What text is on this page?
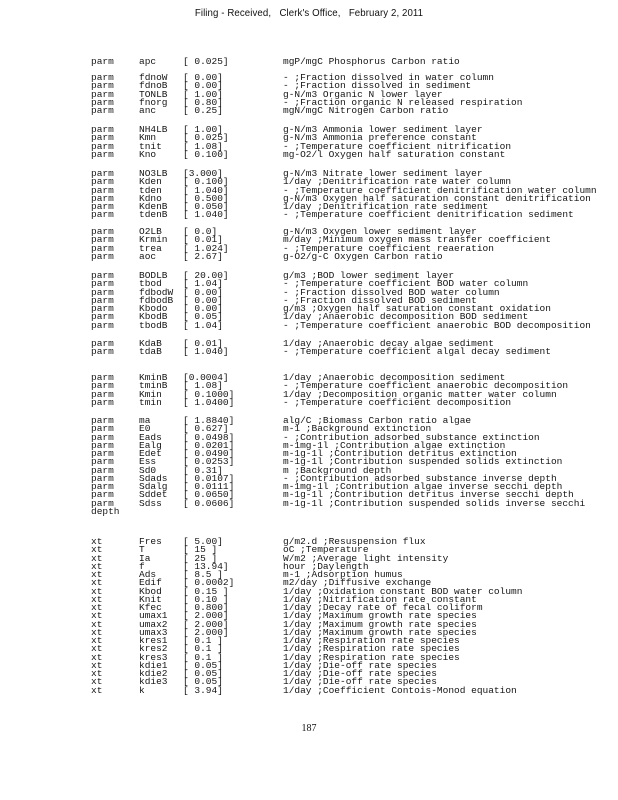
Filing - Received, Clerk's Office, February 2, 2011
parm	apc	[ 0.025]	mgP/mgC Phosphorus Carbon ratio
parm	fdnoW [ 0.00]	- ;Fraction dissolved in water column
parm	fdnoB [ 0.00]	- ;Fraction dissolved in sediment
parm	TONLB [ 1.00]	g-N/m3 Organic N lower layer
parm	fnorg [ 0.80]	- ;Fraction organic N released respiration
parm	anc	[ 0.25]	mgN/mgC Nitrogen Carbon ratio
parm	NH4LB [ 1.00]	g-N/m3 Ammonia lower sediment layer
parm	Kmn	[ 0.025]	g-N/m3 Ammonia preference constant
parm	tnit [ 1.08]	- ;Temperature coefficient nitrification
parm	Kno	[ 0.100]	mg-O2/l Oxygen half saturation constant
parm	NO3LB [3.000]	g-N/m3 Nitrate lower sediment layer
parm	Kden [ 0.100]	1/day ;Denitrification rate water column
parm	tden [ 1.040]	- ;Temperature coefficient denitrification water column
parm	Kdno [ 0.500]	g-N/m3 Oxygen half saturation constant denitrification
parm	KdenB [ 0.050]	1/day ;Denitrification rate sediment
parm	tdenB [ 1.040]	- ;Temperature coefficient denitrification sediment
parm	O2LB [ 0.0]	g-N/m3 Oxygen lower sediment layer
parm	Krmin [ 0.01]	m/day ;Minimum oxygen mass transfer coefficient
parm	trea [ 1.024]	- ;Temperature coefficient reaeration
parm	aoc	[ 2.67]	g-O2/g-C Oxygen Carbon ratio
parm	BODLB [ 20.00]	g/m3 ;BOD lower sediment layer
parm	tbod [ 1.04]	- ;Temperature coefficient BOD water column
parm	fdbodW [ 0.00]	- ;Fraction dissolved BOD water column
parm	fdbodB [ 0.00]	- ;Fraction dissolved BOD sediment
parm	Kbodo [ 0.00]	g/m3 ;Oxygen half saturation constant oxidation
parm	KbodB [ 0.05]	1/day ;Anaerobic decomposition BOD sediment
parm	tbodB [ 1.04]	- ;Temperature coefficient anaerobic BOD decomposition
parm	KdaB [ 0.01]	1/day ;Anaerobic decay algae sediment
parm	tdaB [ 1.040]	- ;Temperature coefficient algal decay sediment
parm	KminB [0.0004]	1/day ;Anaerobic decomposition sediment
parm	tminB [ 1.08]	- ;Temperature coefficient anaerobic decomposition
parm	Kmin [ 0.1000]	1/day ;Decomposition organic matter water column
parm	tmin [ 1.0400]	- ;Temperature coefficient decomposition
parm	ma	[ 1.8840]	alg/C ;Biomass Carbon ratio algae
parm	E0	[ 0.627]	m-1 ;Background extinction
parm	Eads [ 0.0498]	- ;Contribution adsorbed substance extinction
parm	Ealg [ 0.0201]	m-1mg-1l ;Contribution algae extinction
parm	Edet [ 0.0490]	m-1g-1l ;Contribution detritus extinction
parm	Ess	[ 0.0253]	m-1g-1l ;Contribution suspended solids extinction
parm	Sd0	[ 0.31]	m ;Background depth
parm	Sdads [ 0.0107]	- ;Contribution adsorbed substance inverse depth
parm	Sdalg [ 0.0111]	m-1mg-1l ;Contribution algae inverse secchi depth
parm	Sddet [ 0.0650]	m-1g-1l ;Contribution detritus inverse secchi depth
parm	Sdss [ 0.0606]	m-1g-1l ;Contribution suspended solids inverse secchi
depth
xt	Fres [ 5.00]	g/m2.d ;Resuspension flux
xt	T	[ 15 ]	oC ;Temperature
xt	Ia	[ 25 ]	W/m2 ;Average light intensity
xt	f	[ 13.94]	hour ;Daylength
xt	Ads	[ 8.5 ]	m-1 ;Adsorption humus
xt	Edif [ 0.0002]	m2/day ;Diffusive exchange
xt	Kbod [ 0.15 ]	1/day ;Oxidation constant BOD water column
xt	Knit [ 0.10 ]	1/day ;Nitrification rate constant
xt	Kfec [ 0.800]	1/day ;Decay rate of fecal coliform
xt	umax1 [ 2.000]	1/day ;Maximum growth rate species
xt	umax2 [ 2.000]	1/day ;Maximum growth rate species
xt	umax3 [ 2.000]	1/day ;Maximum growth rate species
xt	kres1 [ 0.1 ]	1/day ;Respiration rate species
xt	kres2 [ 0.1 ]	1/day ;Respiration rate species
xt	kres3 [ 0.1 ]	1/day ;Respiration rate species
xt	kdie1 [ 0.05]	1/day ;Die-off rate species
xt	kdie2 [ 0.05]	1/day ;Die-off rate species
xt	kdie3 [ 0.05]	1/day ;Die-off rate species
xt	k	[ 3.94]	1/day ;Coefficient Contois-Monod equation
187
